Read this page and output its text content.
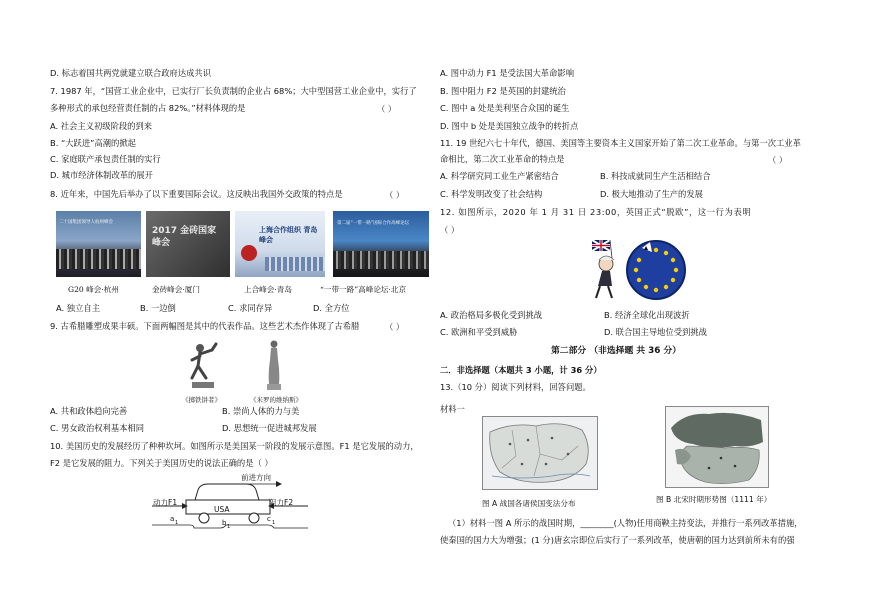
D. 标志着国共两党就建立联合政府达成共识
7. 1987 年，“国营工业企业中，已实行厂长负责制的企业占 68%；大中型国营工业企业中，实行了
多种形式的承包经营责任制的占 82%。”材料体现的是	（ ）
A. 社会主义初级阶段的到来
B. “大跃进”高潮的掀起
C. 家庭联产承包责任制的实行
D. 城市经济体制改革的展开
8. 近年来，中国先后举办了以下重要国际会议。这反映出我国外交政策的特点是	（ ）
二十国集团领导人杭州峰会
2017 金砖国家峰会
上海合作组织 青岛峰会
第二届“一带一路”国际合作高峰论坛
G20 峰会·杭州	金砖峰会·厦门	上合峰会·青岛	“一带一路”高峰论坛·北京
A. 独立自主	B. 一边倒	C. 求同存异	D. 全方位
9. 古希腊雕塑成果丰硕。下面两幅图是其中的代表作品。这些艺术杰作体现了古希腊	（ ）
《掷铁饼者》	《米罗的维纳斯》
A. 共和政体趋向完善	B. 崇尚人体的力与美
C. 男女政治权利基本相同	D. 思想统一促进城邦发展
10. 美国历史的发展经历了种种坎坷。如图所示是美国某一阶段的发展示意图。F1 是它发展的动力，
F2 是它发展的阻力。下列关于美国历史的说法正确的是（ ）
前进方向
动力F1	阻力F2
USA
a 1	b 1
c 1
A. 图中动力 F1 是受法国大革命影响
B. 图中阻力 F2 是英国的封建统治
C. 图中 a 处是美利坚合众国的诞生
D. 图中 b 处是美国独立战争的转折点
11. 19 世纪六七十年代，德国、美国等主要资本主义国家开始了第二次工业革命。与第一次工业革
命相比，第二次工业革命的特点是	（ ）
A. 科学研究同工业生产紧密结合	B. 科技成就同生产生活相结合
C. 科学发明改变了社会结构	D. 极大地推动了生产的发展
12. 如图所示，2020 年 1 月 31 日 23:00，英国正式“脱欧”，这一行为表明
（ ）
A. 政治格局多极化受到挑战	B. 经济全球化出现波折
C. 欧洲和平受到威胁	D. 联合国主导地位受到挑战
第二部分 （非选择题 共 36 分）
二．非选择题（本题共 3 小题，计 36 分）
13.（10 分）阅读下列材料，回答问题。
材料一
图 A 战国各诸侯国变法分布	图 B 北宋时期形势图（1111 年）
（1）材料一图 A 所示的战国时期，________(人物)任用商鞅主持变法，并推行一系列改革措施，
使秦国的国力大为增强；(1 分)唐玄宗即位后实行了一系列改革，使唐朝的国力达到前所未有的强
